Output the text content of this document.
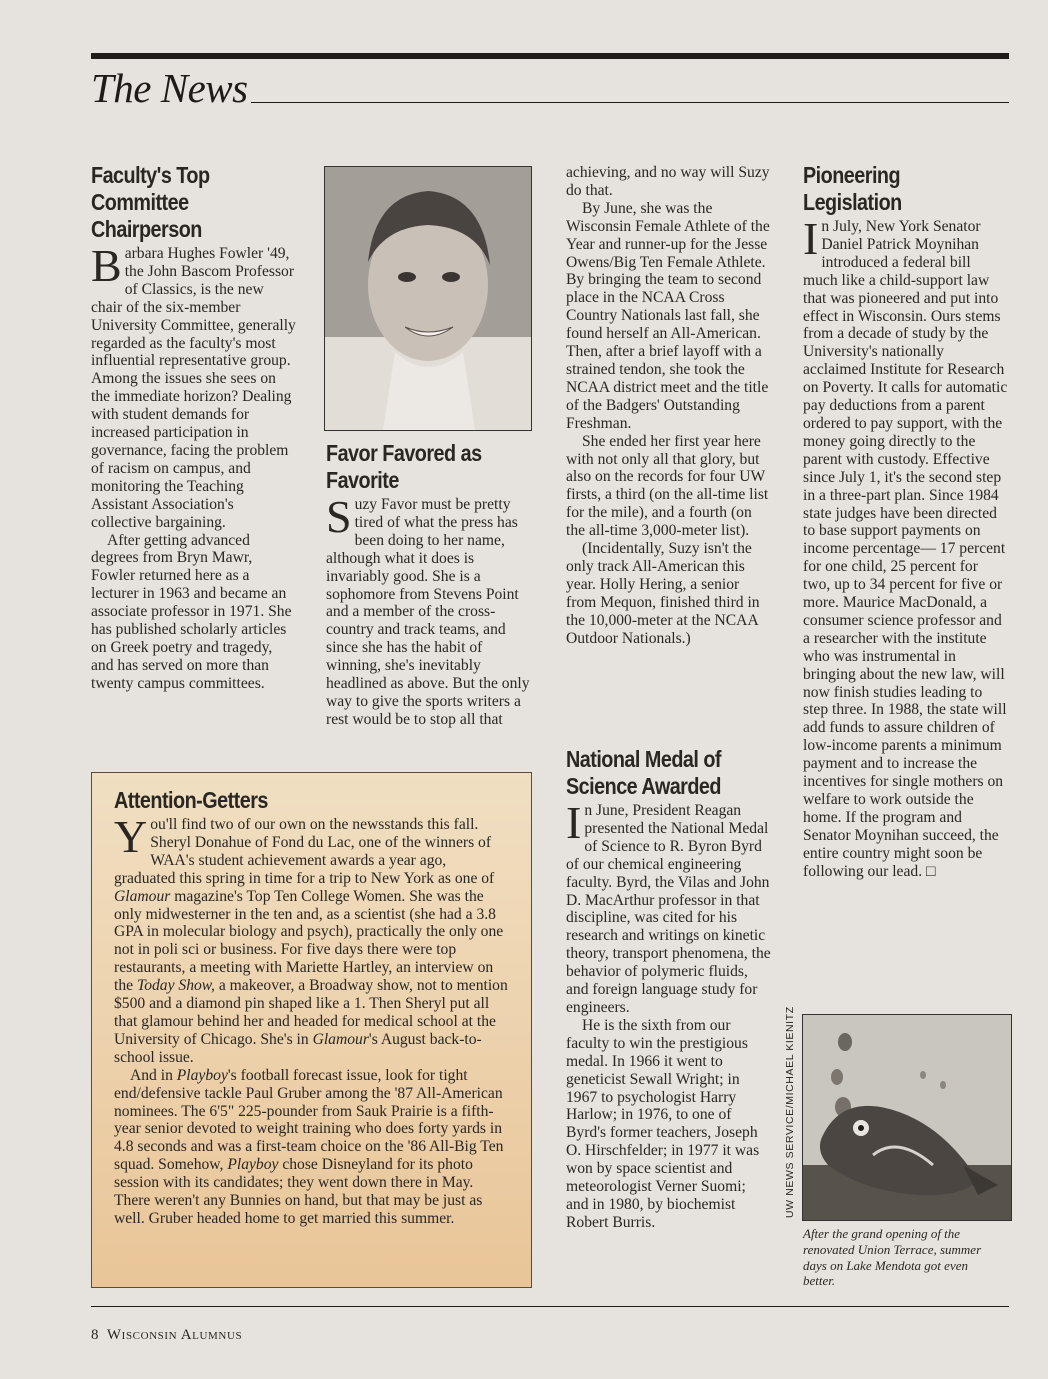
The News
Faculty's Top Committee Chairperson

Barbara Hughes Fowler '49, the John Bascom Professor of Classics, is the new chair of the six-member University Committee, generally regarded as the faculty's most influential representative group. Among the issues she sees on the immediate horizon? Dealing with student demands for increased participation in governance, facing the problem of racism on campus, and monitoring the Teaching Assistant Association's collective bargaining.

After getting advanced degrees from Bryn Mawr, Fowler returned here as a lecturer in 1963 and became an associate professor in 1971. She has published scholarly articles on Greek poetry and tragedy, and has served on more than twenty campus committees.

Favor Favored as Favorite

Suzy Favor must be pretty tired of what the press has been doing to her name, although what it does is invariably good. She is a sophomore from Stevens Point and a member of the cross-country and track teams, and since she has the habit of winning, she's inevitably headlined as above. But the only way to give the sports writers a rest would be to stop all that

achieving, and no way will Suzy do that.

By June, she was the Wisconsin Female Athlete of the Year and runner-up for the Jesse Owens/Big Ten Female Athlete. By bringing the team to second place in the NCAA Cross Country Nationals last fall, she found herself an All-American. Then, after a brief layoff with a strained tendon, she took the NCAA district meet and the title of the Badgers' Outstanding Freshman.

She ended her first year here with not only all that glory, but also on the records for four UW firsts, a third (on the all-time list for the mile), and a fourth (on the all-time 3,000-meter list).

(Incidentally, Suzy isn't the only track All-American this year. Holly Hering, a senior from Mequon, finished third in the 10,000-meter at the NCAA Outdoor Nationals.)

National Medal of Science Awarded

In June, President Reagan presented the National Medal of Science to R. Byron Byrd of our chemical engineering faculty. Byrd, the Vilas and John D. MacArthur professor in that discipline, was cited for his research and writings on kinetic theory, transport phenomena, the behavior of polymeric fluids, and foreign language study for engineers.

He is the sixth from our faculty to win the prestigious medal. In 1966 it went to geneticist Sewall Wright; in 1967 to psychologist Harry Harlow; in 1976, to one of Byrd's former teachers, Joseph O. Hirschfelder; in 1977 it was won by space scientist and meteorologist Verner Suomi; and in 1980, by biochemist Robert Burris.

Pioneering Legislation

In July, New York Senator Daniel Patrick Moynihan introduced a federal bill much like a child-support law that was pioneered and put into effect in Wisconsin. Ours stems from a decade of study by the University's nationally acclaimed Institute for Research on Poverty. It calls for automatic pay deductions from a parent ordered to pay support, with the money going directly to the parent with custody. Effective since July 1, it's the second step in a three-part plan. Since 1984 state judges have been directed to base support payments on income percentage— 17 percent for one child, 25 percent for two, up to 34 percent for five or more. Maurice MacDonald, a consumer science professor and a researcher with the institute who was instrumental in bringing about the new law, will now finish studies leading to step three. In 1988, the state will add funds to assure children of low-income parents a minimum payment and to increase the incentives for single mothers on welfare to work outside the home. If the program and Senator Moynihan succeed, the entire country might soon be following our lead. □

UW NEWS SERVICE/MICHAEL KIENITZ
After the grand opening of the renovated Union Terrace, summer days on Lake Mendota got even better.
Attention-Getters

You'll find two of our own on the newsstands this fall. Sheryl Donahue of Fond du Lac, one of the winners of WAA's student achievement awards a year ago, graduated this spring in time for a trip to New York as one of Glamour magazine's Top Ten College Women. She was the only midwesterner in the ten and, as a scientist (she had a 3.8 GPA in molecular biology and psych), practically the only one not in poli sci or business. For five days there were top restaurants, a meeting with Mariette Hartley, an interview on the Today Show, a makeover, a Broadway show, not to mention $500 and a diamond pin shaped like a 1. Then Sheryl put all that glamour behind her and headed for medical school at the University of Chicago. She's in Glamour's August back-to-school issue.

And in Playboy's football forecast issue, look for tight end/defensive tackle Paul Gruber among the '87 All-American nominees. The 6'5" 225-pounder from Sauk Prairie is a fifth-year senior devoted to weight training who does forty yards in 4.8 seconds and was a first-team choice on the '86 All-Big Ten squad. Somehow, Playboy chose Disneyland for its photo session with its candidates; they went down there in May. There weren't any Bunnies on hand, but that may be just as well. Gruber headed home to get married this summer.

8 Wisconsin Alumnus
